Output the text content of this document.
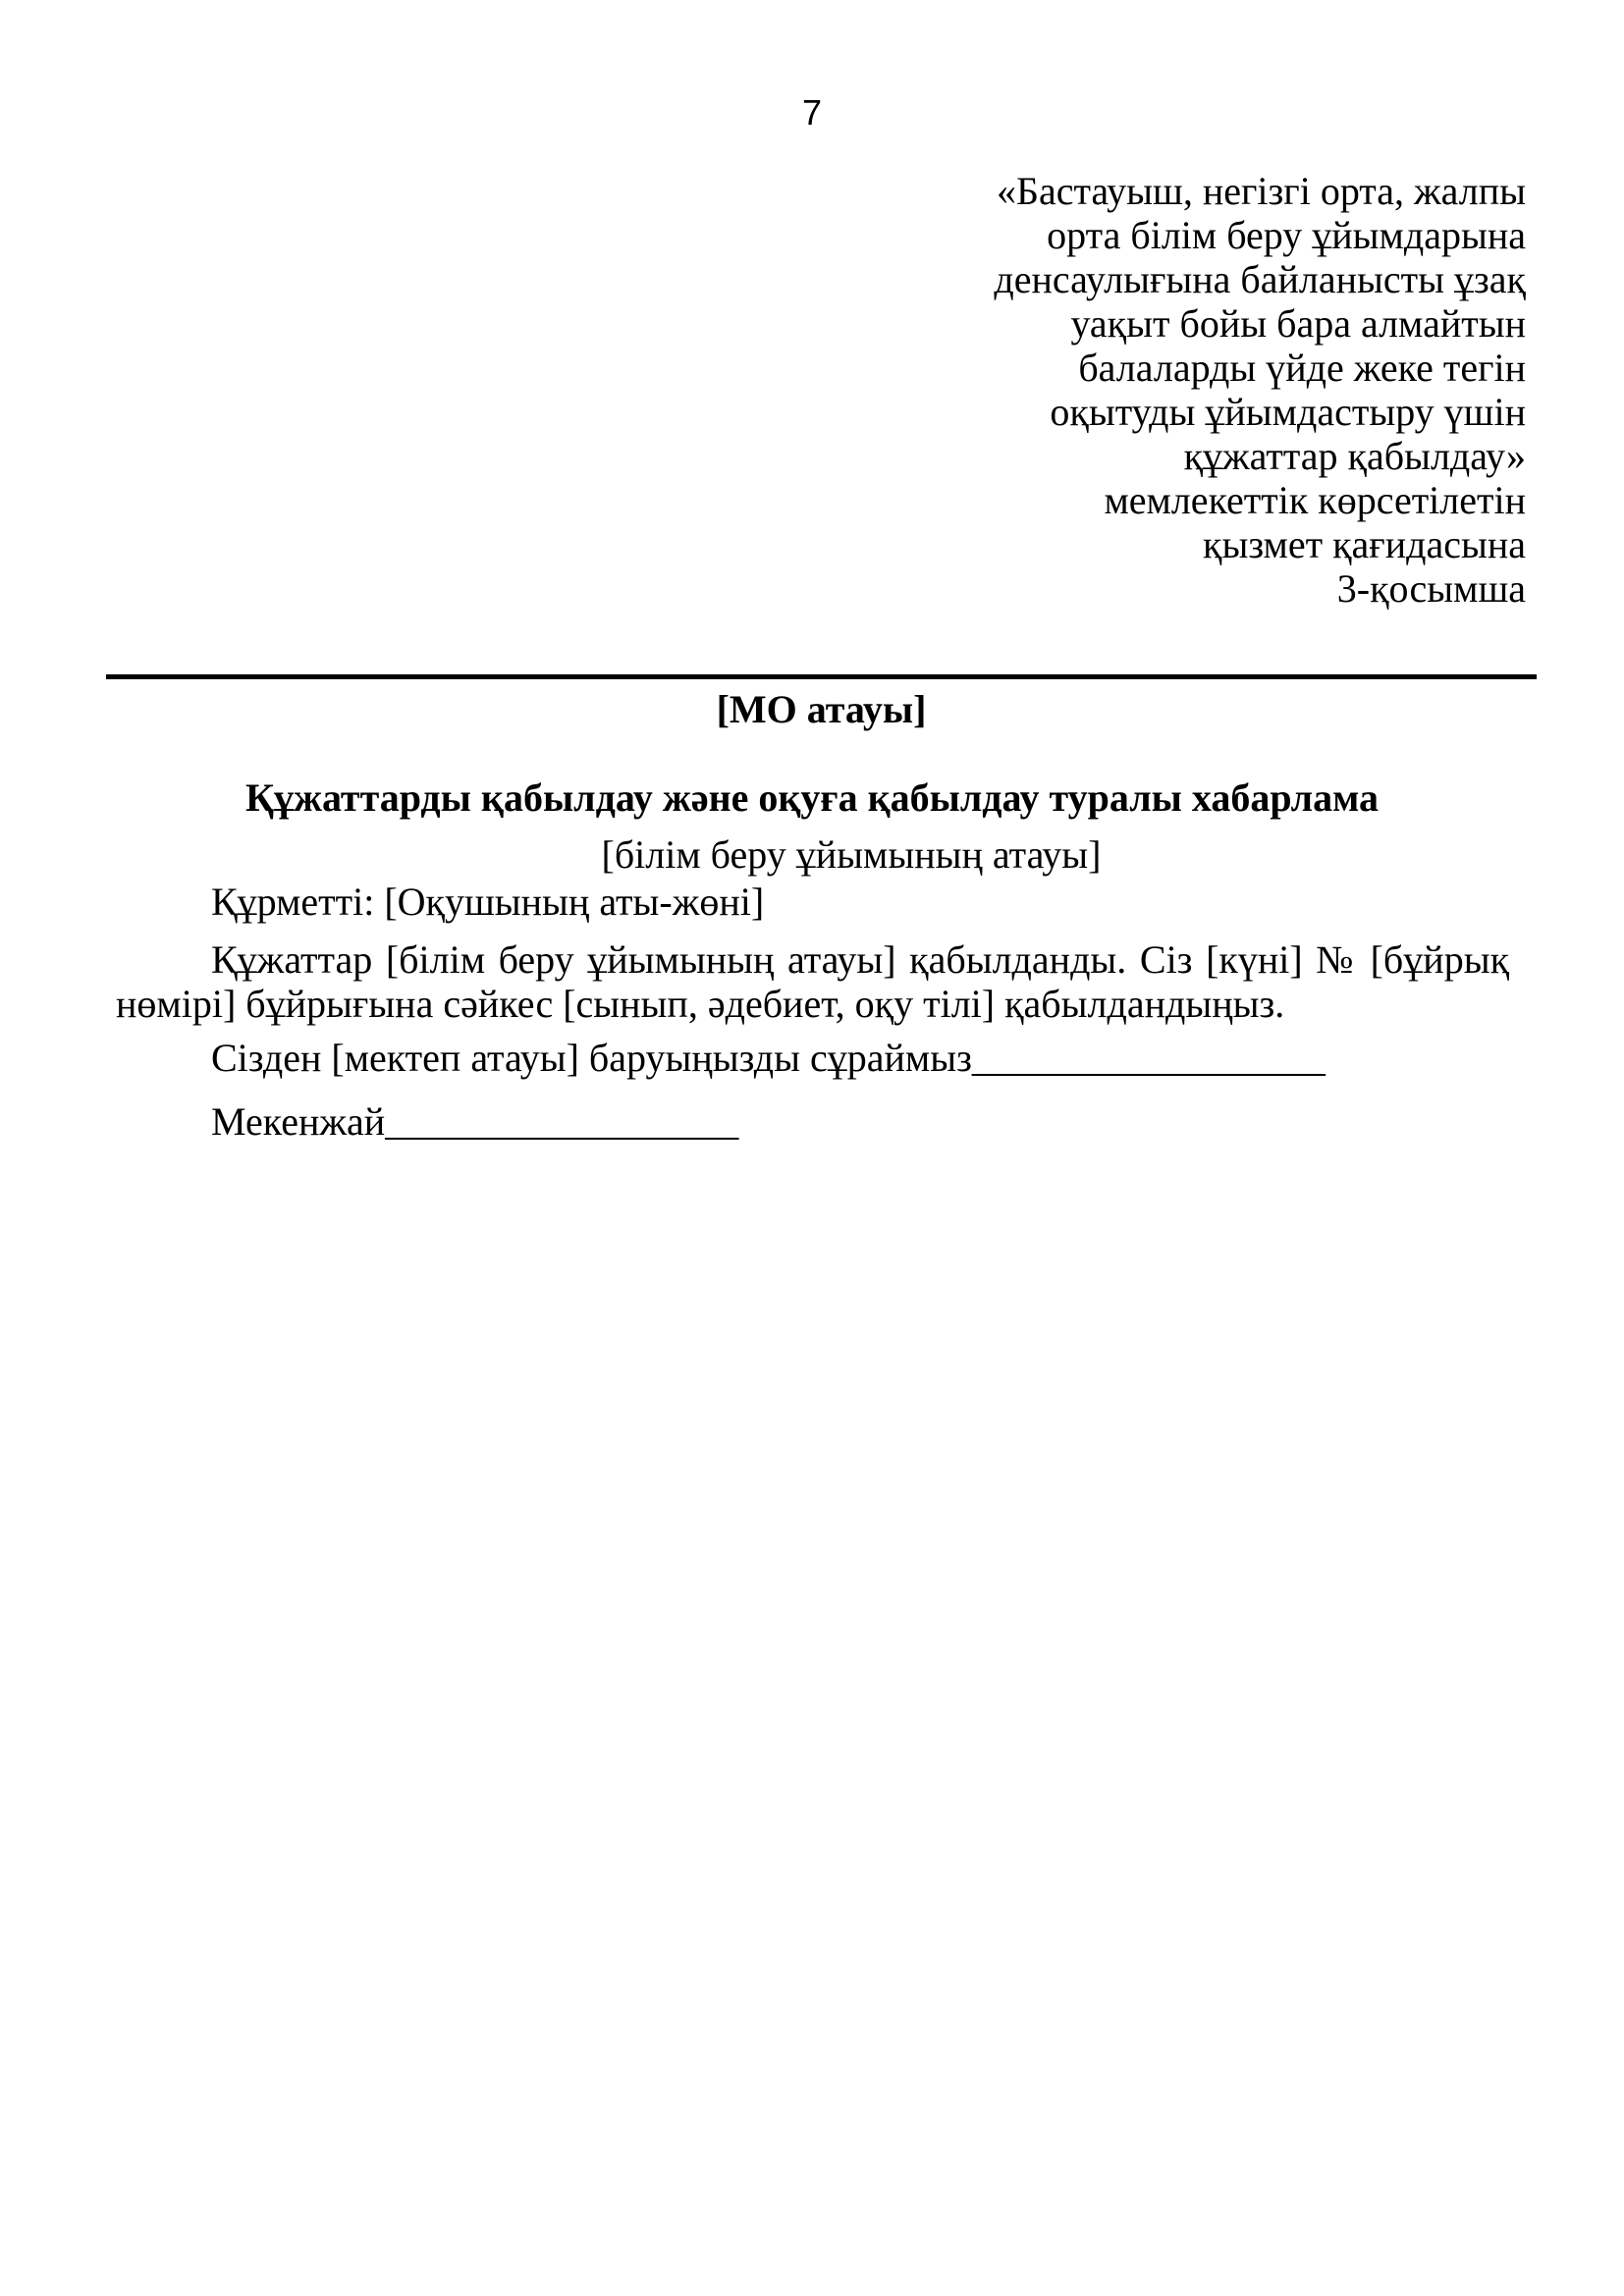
7
«Бастауыш, негізгі орта, жалпы
орта білім беру ұйымдарына
денсаулығына байланысты ұзақ
уақыт бойы бара алмайтын
балаларды үйде жеке тегін
оқытуды ұйымдастыру үшін
құжаттар қабылдау»
мемлекеттік көрсетілетін
қызмет қағидасына
3-қосымша
[МО атауы]
Құжаттарды қабылдау және оқуға қабылдау туралы хабарлама
[білім беру ұйымының атауы]
Құрметті: [Оқушының аты-жөні]
Құжаттар [білім беру ұйымының атауы] қабылданды. Сіз [күні] № [бұйрық нөмірі] бұйрығына сәйкес [сынып, әдебиет, оқу тілі] қабылдандыңыз.
Сізден [мектеп атауы] баруыңызды сұраймыз__________________
Мекенжай__________________
